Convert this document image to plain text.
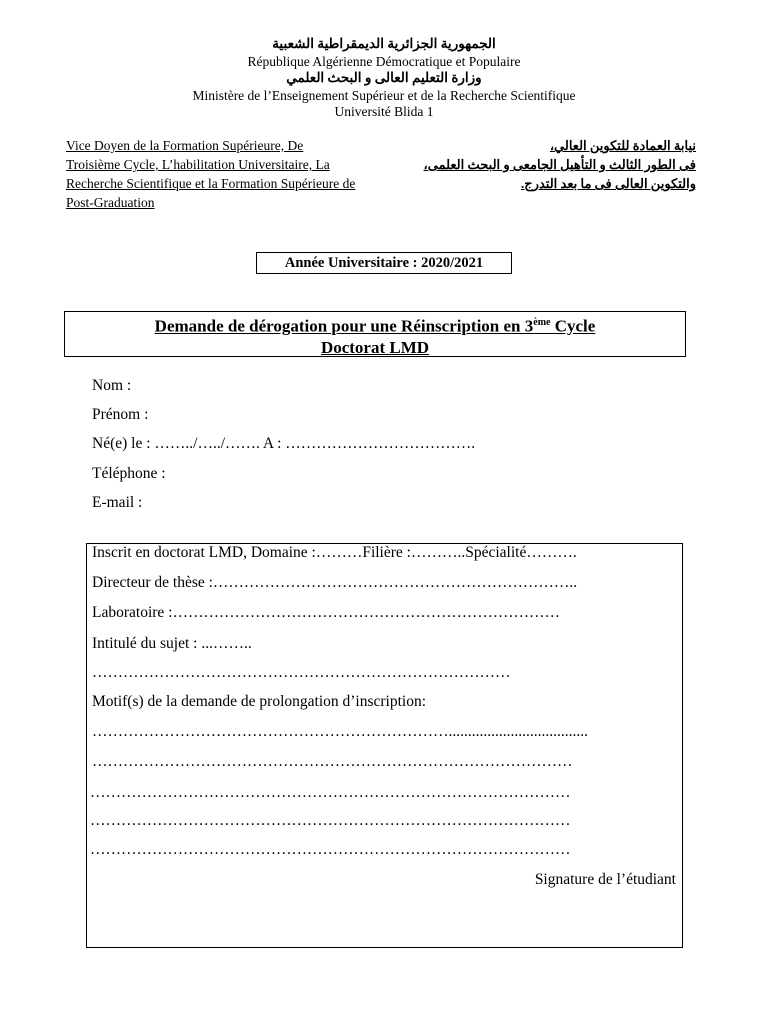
الجمهورية الجزائرية الديمقراطية الشعبية
République Algérienne Démocratique et Populaire
وزارة التعليم العالى و البحث العلمي
Ministère de l’Enseignement Supérieur et de la Recherche Scientifique
Université Blida 1
Vice Doyen de la Formation Supérieure, De
Troisième Cycle, L’habilitation Universitaire, La
Recherche Scientifique et la Formation Supérieure de
Post-Graduation
نيابة العمادة للتكوين العالي،
فى الطور الثالث و التأهيل الجامعى و البحث العلمى،
والتكوين العالى فى ما بعد التدرج.
Année Universitaire : 2020/2021
Demande de dérogation pour une Réinscription en 3ème Cycle
Doctorat LMD
Nom :
Prénom :
Né(e) le : ……../…../……. A : ……………………………….
Téléphone :
E-mail :
Inscrit en doctorat LMD, Domaine :………Filière :………..Spécialité……….
Directeur de thèse :……………………………………………………………..
Laboratoire :…………………………………………………………………
Intitulé du sujet : ...……..
………………………………………………………………………
Motif(s) de la demande de prolongation d’inscription:
……………………………………………………………....................................
…………………………………………………………………………………
…………………………………………………………………………………
…………………………………………………………………………………
…………………………………………………………………………………
Signature de l’étudiant
